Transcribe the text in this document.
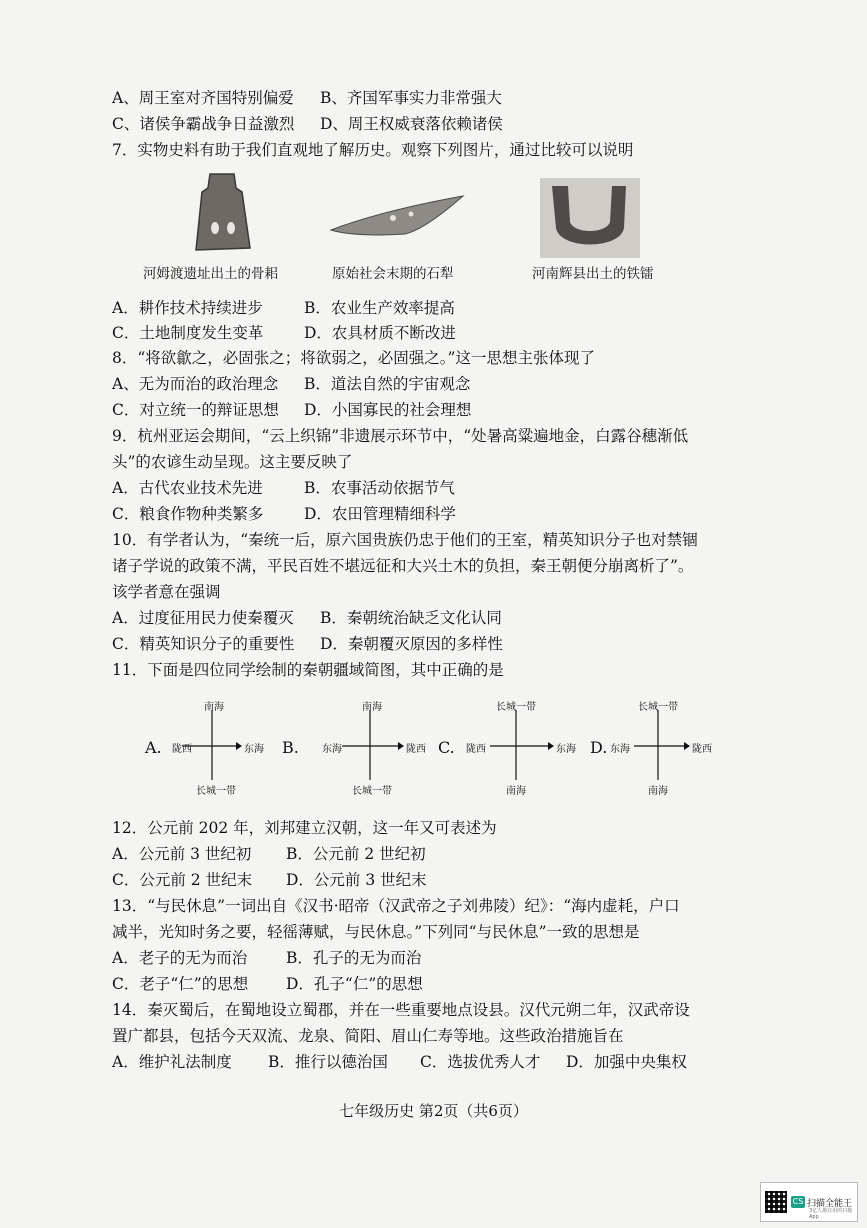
A、周王室对齐国特别偏爱 B、齐国军事实力非常强大
C、诸侯争霸战争日益激烈 D、周王权威衰落依赖诸侯
7．实物史料有助于我们直观地了解历史。观察下列图片，通过比较可以说明
河姆渡遗址出土的骨耜	原始社会末期的石犁	河南辉县出土的铁镭
A．耕作技术持续进步	B．农业生产效率提高
C．土地制度发生变革	D．农具材质不断改进
8．“将欲歙之，必固张之；将欲弱之，必固强之。”这一思想主张体现了
A、无为而治的政治理念 B．道法自然的宇宙观念
C．对立统一的辩证思想 D．小国寡民的社会理想
9．杭州亚运会期间，“云上织锦”非遗展示环节中，“处暑高粱遍地金，白露谷穗渐低
头”的农谚生动呈现。这主要反映了
A．古代农业技术先进	B．农事活动依据节气
C．粮食作物种类繁多	D．农田管理精细科学
10．有学者认为，“秦统一后，原六国贵族仍忠于他们的王室，精英知识分子也对禁锢
诸子学说的政策不满，平民百姓不堪远征和大兴土木的负担，秦王朝便分崩离析了”。
该学者意在强调
A．过度征用民力使秦覆灭 B．秦朝统治缺乏文化认同
C．精英知识分子的重要性 D．秦朝覆灭原因的多样性
11．下面是四位同学绘制的秦朝疆域简图，其中正确的是
A.
南海
陇西	东海
长城一带
B.
南海
东海	陇西
长城一带
C.
长城一带
陇西	东海
南海
D.
长城一带
东海	陇西
南海
12．公元前 202 年，刘邦建立汉朝，这一年又可表述为
A．公元前 3 世纪初 B．公元前 2 世纪初
C．公元前 2 世纪末 D．公元前 3 世纪末
13．“与民休息”一词出自《汉书·昭帝（汉武帝之子刘弗陵）纪》：“海内虚耗，户口
减半，光知时务之要，轻徭薄赋，与民休息。”下列同“与民休息”一致的思想是
A．老子的无为而治	B．孔子的无为而治
C．老子“仁”的思想 D．孔子“仁”的思想
14．秦灭蜀后，在蜀地设立蜀郡，并在一些重要地点设县。汉代元朔二年，汉武帝设
置广都县，包括今天双流、龙泉、简阳、眉山仁寿等地。这些政治措施旨在
A．维护礼法制度 B．推行以德治国 C．选拔优秀人才 D．加强中央集权
七年级历史 第2页（共6页）
CS 扫描全能王
3亿人都在用的扫描App
